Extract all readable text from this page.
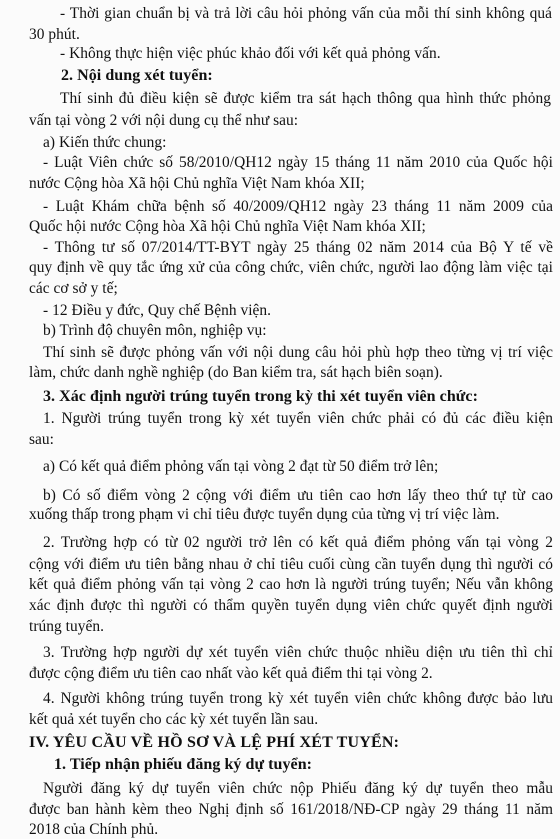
- Thời gian chuẩn bị và trả lời câu hỏi phỏng vấn của mỗi thí sinh không quá
30 phút.
- Không thực hiện việc phúc khảo đối với kết quả phỏng vấn.
2. Nội dung xét tuyển:
Thí sinh đủ điều kiện sẽ được kiểm tra sát hạch thông qua hình thức phỏng
vấn tại vòng 2 với nội dung cụ thể như sau:
a) Kiến thức chung:
- Luật Viên chức số 58/2010/QH12 ngày 15 tháng 11 năm 2010 của Quốc hội
nước Cộng hòa Xã hội Chủ nghĩa Việt Nam khóa XII;
- Luật Khám chữa bệnh số 40/2009/QH12 ngày 23 tháng 11 năm 2009 của
Quốc hội nước Cộng hòa Xã hội Chủ nghĩa Việt Nam khóa XII;
- Thông tư số 07/2014/TT-BYT ngày 25 tháng 02 năm 2014 của Bộ Y tế về
quy định về quy tắc ứng xử của công chức, viên chức, người lao động làm việc tại
các cơ sở y tế;
- 12 Điều y đức, Quy chế Bệnh viện.
b) Trình độ chuyên môn, nghiệp vụ:
Thí sinh sẽ được phỏng vấn với nội dung câu hỏi phù hợp theo từng vị trí việc
làm, chức danh nghề nghiệp (do Ban kiểm tra, sát hạch biên soạn).
3. Xác định người trúng tuyển trong kỳ thi xét tuyển viên chức:
1. Người trúng tuyển trong kỳ xét tuyển viên chức phải có đủ các điều kiện
sau:
a) Có kết quả điểm phỏng vấn tại vòng 2 đạt từ 50 điểm trở lên;
b) Có số điểm vòng 2 cộng với điểm ưu tiên cao hơn lấy theo thứ tự từ cao
xuống thấp trong phạm vi chỉ tiêu được tuyển dụng của từng vị trí việc làm.
2. Trường hợp có từ 02 người trở lên có kết quả điểm phỏng vấn tại vòng 2
cộng với điểm ưu tiên bằng nhau ở chỉ tiêu cuối cùng cần tuyển dụng thì người có
kết quả điểm phỏng vấn tại vòng 2 cao hơn là người trúng tuyển; Nếu vẫn không
xác định được thì người có thẩm quyền tuyển dụng viên chức quyết định người
trúng tuyển.
3. Trường hợp người dự xét tuyển viên chức thuộc nhiều diện ưu tiên thì chỉ
được cộng điểm ưu tiên cao nhất vào kết quả điểm thi tại vòng 2.
4. Người không trúng tuyển trong kỳ xét tuyển viên chức không được bảo lưu
kết quả xét tuyển cho các kỳ xét tuyển lần sau.
IV. YÊU CẦU VỀ HỒ SƠ VÀ LỆ PHÍ XÉT TUYỂN:
1. Tiếp nhận phiếu đăng ký dự tuyển:
Người đăng ký dự tuyển viên chức nộp Phiếu đăng ký dự tuyển theo mẫu
được ban hành kèm theo Nghị định số 161/2018/NĐ-CP ngày 29 tháng 11 năm
2018 của Chính phủ.
